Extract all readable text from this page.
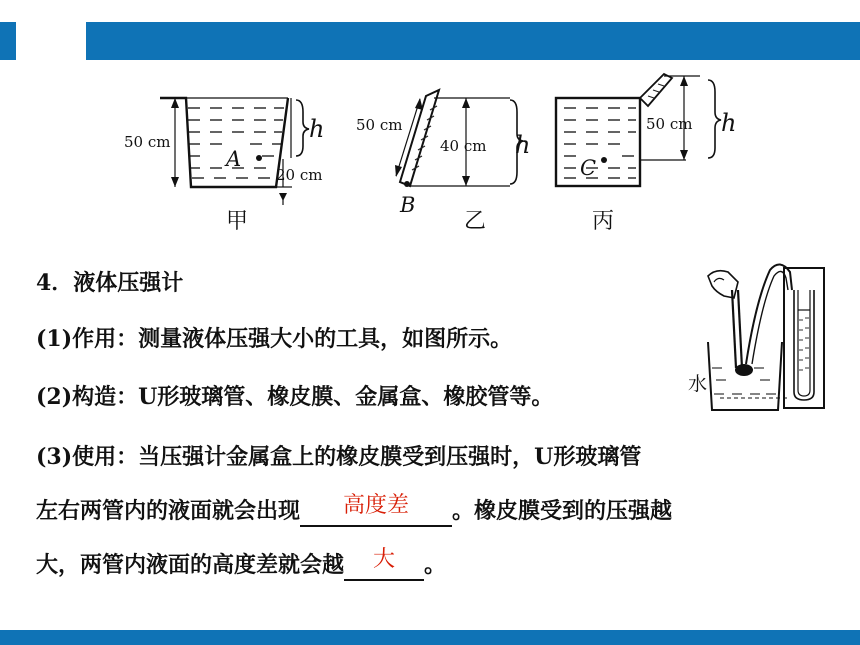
50 cm
A
h
20 cm
甲
50 cm
40 cm h
B
乙
50 cm
C
h
丙
水
4．液体压强计
(1)作用：测量液体压强大小的工具，如图所示。
(2)构造：U形玻璃管、橡皮膜、金属盒、橡胶管等。
(3)使用：当压强计金属盒上的橡皮膜受到压强时，U形玻璃管
左右两管内的液面就会出现 高度差 。橡皮膜受到的压强越
大，两管内液面的高度差就会越 大 。
